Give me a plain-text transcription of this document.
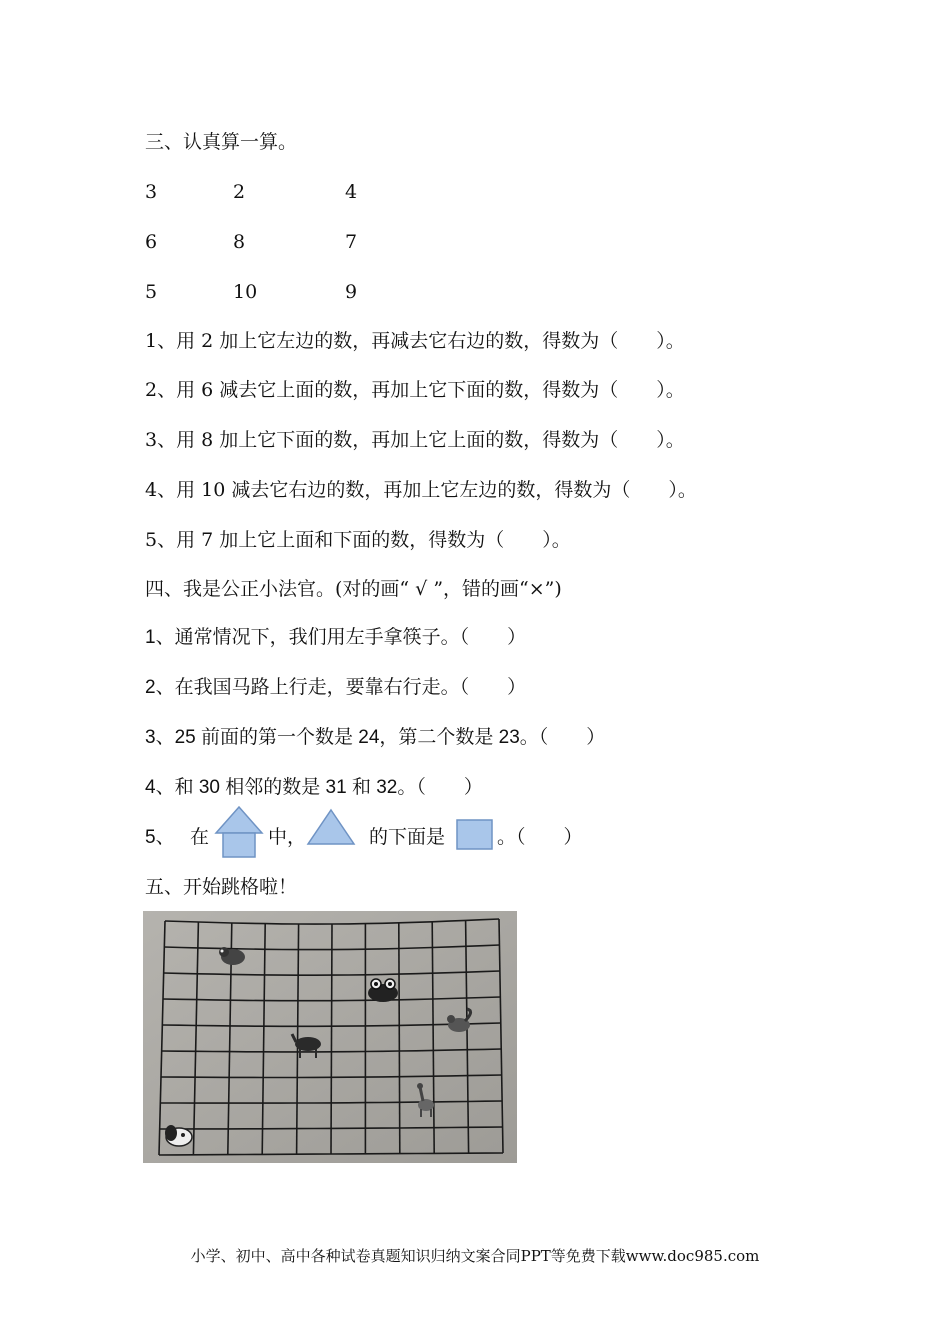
三、认真算一算。
3	2	4
6	8	7
5	10	9
1、用 2 加上它左边的数，再减去它右边的数，得数为（　　）。
2、用 6 减去它上面的数，再加上它下面的数，得数为（　　）。
3、用 8 加上它下面的数，再加上它上面的数，得数为（　　）。
4、用 10 减去它右边的数，再加上它左边的数，得数为（　　）。
5、用 7 加上它上面和下面的数，得数为（　　）。
四、我是公正小法官。(对的画“ √ ”，错的画“×”)
1、通常情况下，我们用左手拿筷子。（　　）
2、在我国马路上行走，要靠右行走。（　　）
3、25 前面的第一个数是 24，第二个数是 23。（　　）
4、和 30 相邻的数是 31 和 32。（　　）
5、 在	中，	的下面是	。（　　）
五、开始跳格啦！
小学、初中、高中各种试卷真题知识归纳文案合同PPT等免费下载www.doc985.com
